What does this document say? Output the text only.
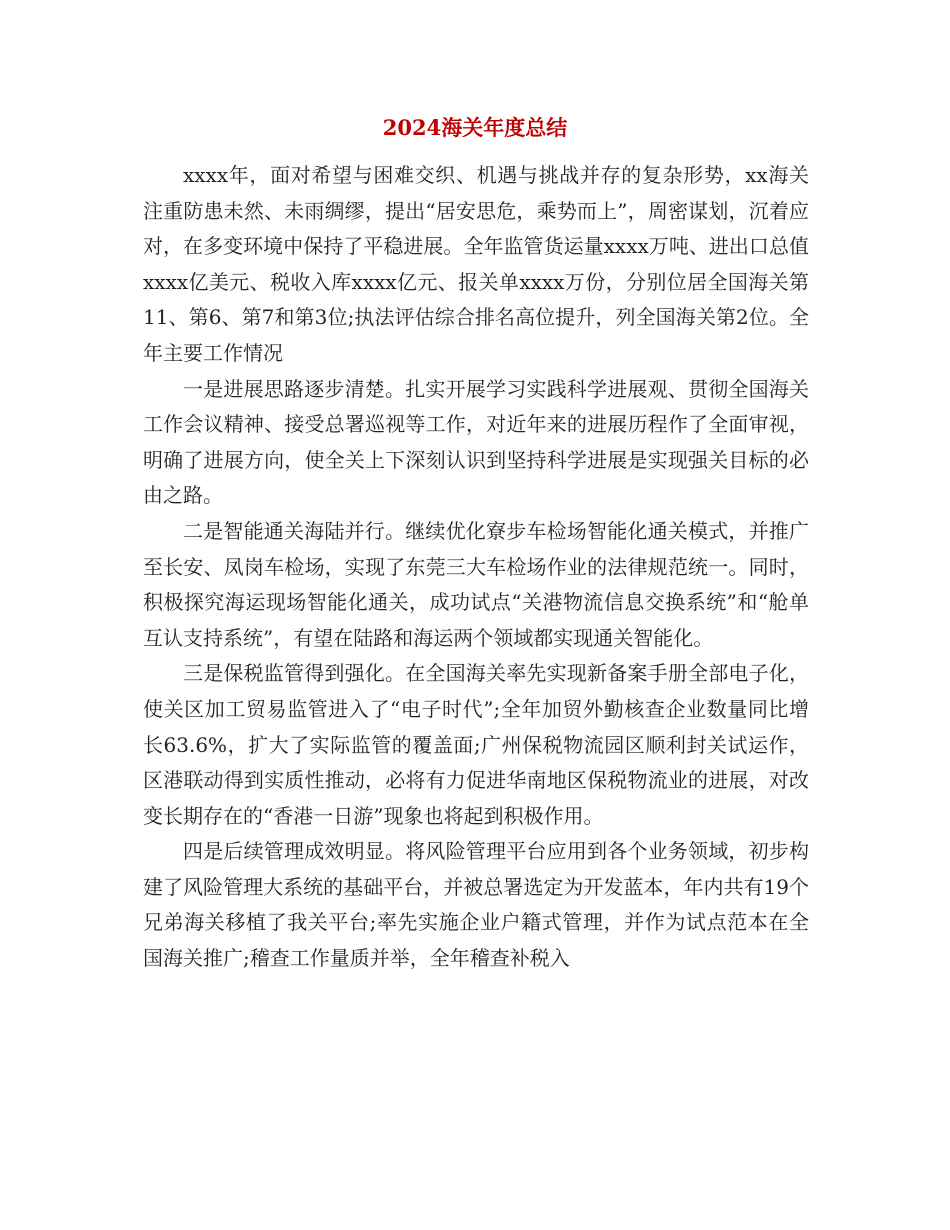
2024海关年度总结

xxxx年，面对希望与困难交织、机遇与挑战并存的复杂形势，xx海关注重防患未然、未雨绸缪，提出“居安思危，乘势而上”，周密谋划，沉着应对，在多变环境中保持了平稳进展。全年监管货运量xxxx万吨、进出口总值xxxx亿美元、税收入库xxxx亿元、报关单xxxx万份，分别位居全国海关第11、第6、第7和第3位;执法评估综合排名高位提升，列全国海关第2位。全年主要工作情况

一是进展思路逐步清楚。扎实开展学习实践科学进展观、贯彻全国海关工作会议精神、接受总署巡视等工作，对近年来的进展历程作了全面审视，明确了进展方向，使全关上下深刻认识到坚持科学进展是实现强关目标的必由之路。

二是智能通关海陆并行。继续优化寮步车检场智能化通关模式，并推广至长安、凤岗车检场，实现了东莞三大车检场作业的法律规范统一。同时，积极探究海运现场智能化通关，成功试点“关港物流信息交换系统”和“舱单互认支持系统”，有望在陆路和海运两个领域都实现通关智能化。

三是保税监管得到强化。在全国海关率先实现新备案手册全部电子化，使关区加工贸易监管进入了“电子时代”;全年加贸外勤核查企业数量同比增长63.6%，扩大了实际监管的覆盖面;广州保税物流园区顺利封关试运作，区港联动得到实质性推动，必将有力促进华南地区保税物流业的进展，对改变长期存在的“香港一日游”现象也将起到积极作用。

四是后续管理成效明显。将风险管理平台应用到各个业务领域，初步构建了风险管理大系统的基础平台，并被总署选定为开发蓝本，年内共有19个兄弟海关移植了我关平台;率先实施企业户籍式管理，并作为试点范本在全国海关推广;稽查工作量质并举，全年稽查补税入
